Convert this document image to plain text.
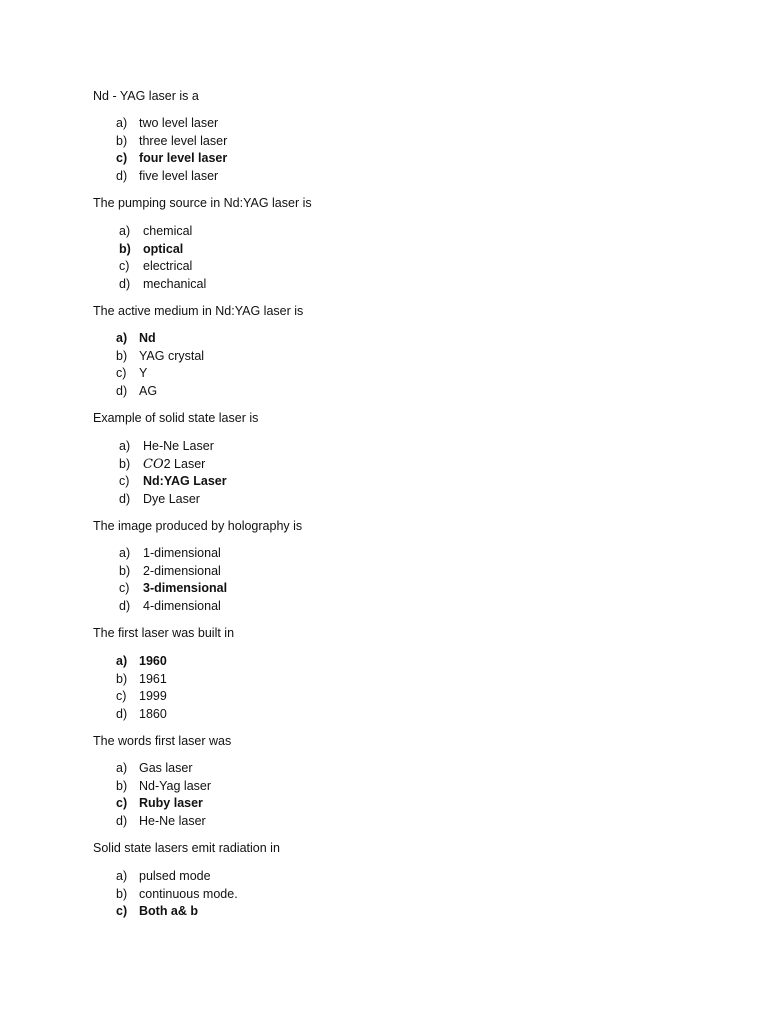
Nd - YAG laser is a
a) two level laser
b) three level laser
c) four level laser
d) five level laser
The pumping source in Nd:YAG laser is
a) chemical
b) optical
c) electrical
d) mechanical
The active medium in Nd:YAG laser is
a) Nd
b) YAG crystal
c) Y
d) AG
Example of solid state laser is
a) He-Ne Laser
b) CO2 Laser
c) Nd:YAG Laser
d) Dye Laser
The image produced by holography is
a) 1-dimensional
b) 2-dimensional
c) 3-dimensional
d) 4-dimensional
The first laser was built in
a) 1960
b) 1961
c) 1999
d) 1860
The words first laser was
a) Gas laser
b) Nd-Yag laser
c) Ruby laser
d) He-Ne laser
Solid state lasers emit radiation in
a) pulsed mode
b) continuous mode.
c) Both a& b
